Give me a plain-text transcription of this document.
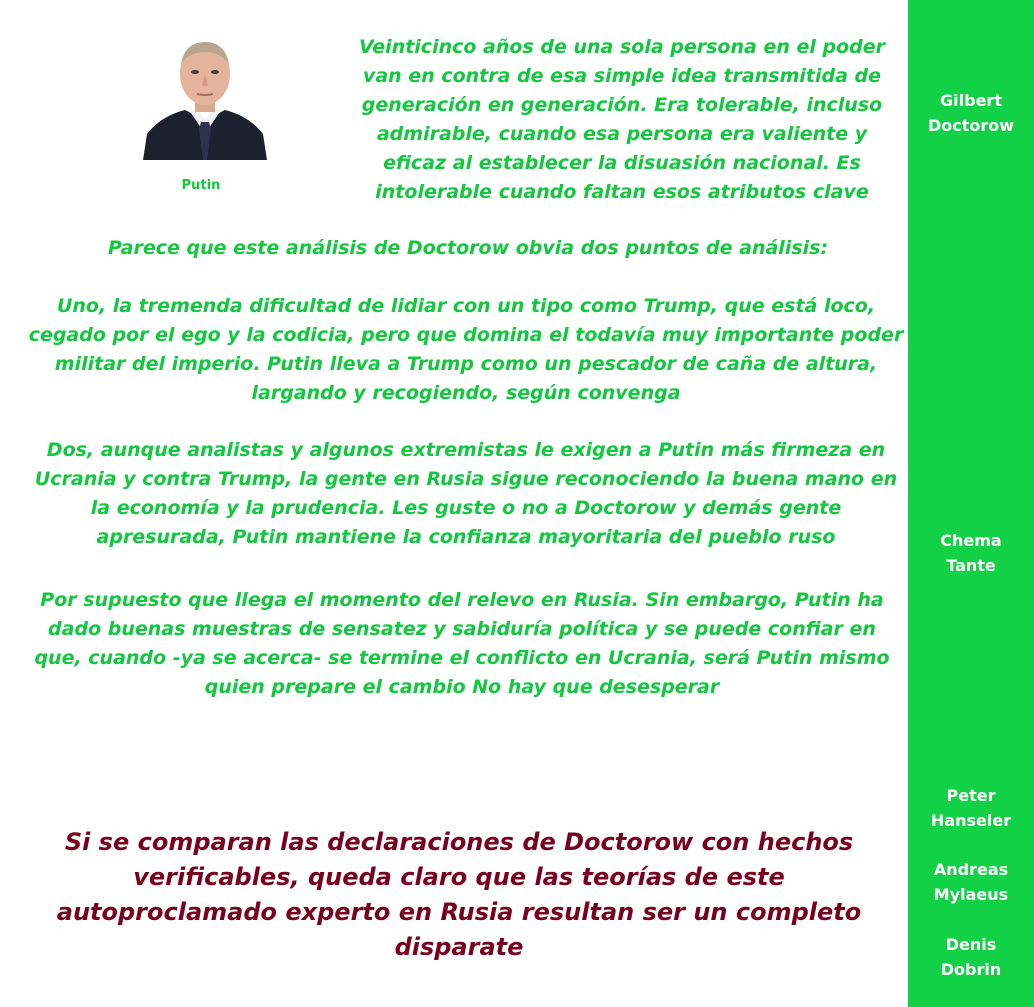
Putin
Veinticinco años de una sola persona en el poder van en contra de esa simple idea transmitida de generación en generación. Era tolerable, incluso admirable, cuando esa persona era valiente y eficaz al establecer la disuasión nacional. Es intolerable cuando faltan esos atributos clave
Parece que este análisis de Doctorow obvia dos puntos de análisis:
Uno, la tremenda dificultad de lidiar con un tipo como Trump, que está loco, cegado por el ego y la codicia, pero que domina el todavía muy importante poder militar del imperio. Putin lleva a Trump como un pescador de caña de altura, largando y recogiendo, según convenga
Dos, aunque analistas y algunos extremistas le exigen a Putin más firmeza en Ucrania y contra Trump, la gente en Rusia sigue reconociendo la buena mano en la economía y la prudencia. Les guste o no a Doctorow y demás gente apresurada, Putin mantiene la confianza mayoritaria del pueblo ruso
Por supuesto que llega el momento del relevo en Rusia. Sin embargo, Putin ha dado buenas muestras de sensatez y sabiduría política y se puede confiar en que, cuando -ya se acerca- se termine el conflicto en Ucrania, será Putin mismo quien prepare el cambio No hay que desesperar
Si se comparan las declaraciones de Doctorow con hechos verificables, queda claro que las teorías de este autoproclamado experto en Rusia resultan ser un completo disparate
Gilbert
Doctorow
Chema
Tante
Peter
Hanseler
Andreas
Mylaeus
Denis
Dobrin
